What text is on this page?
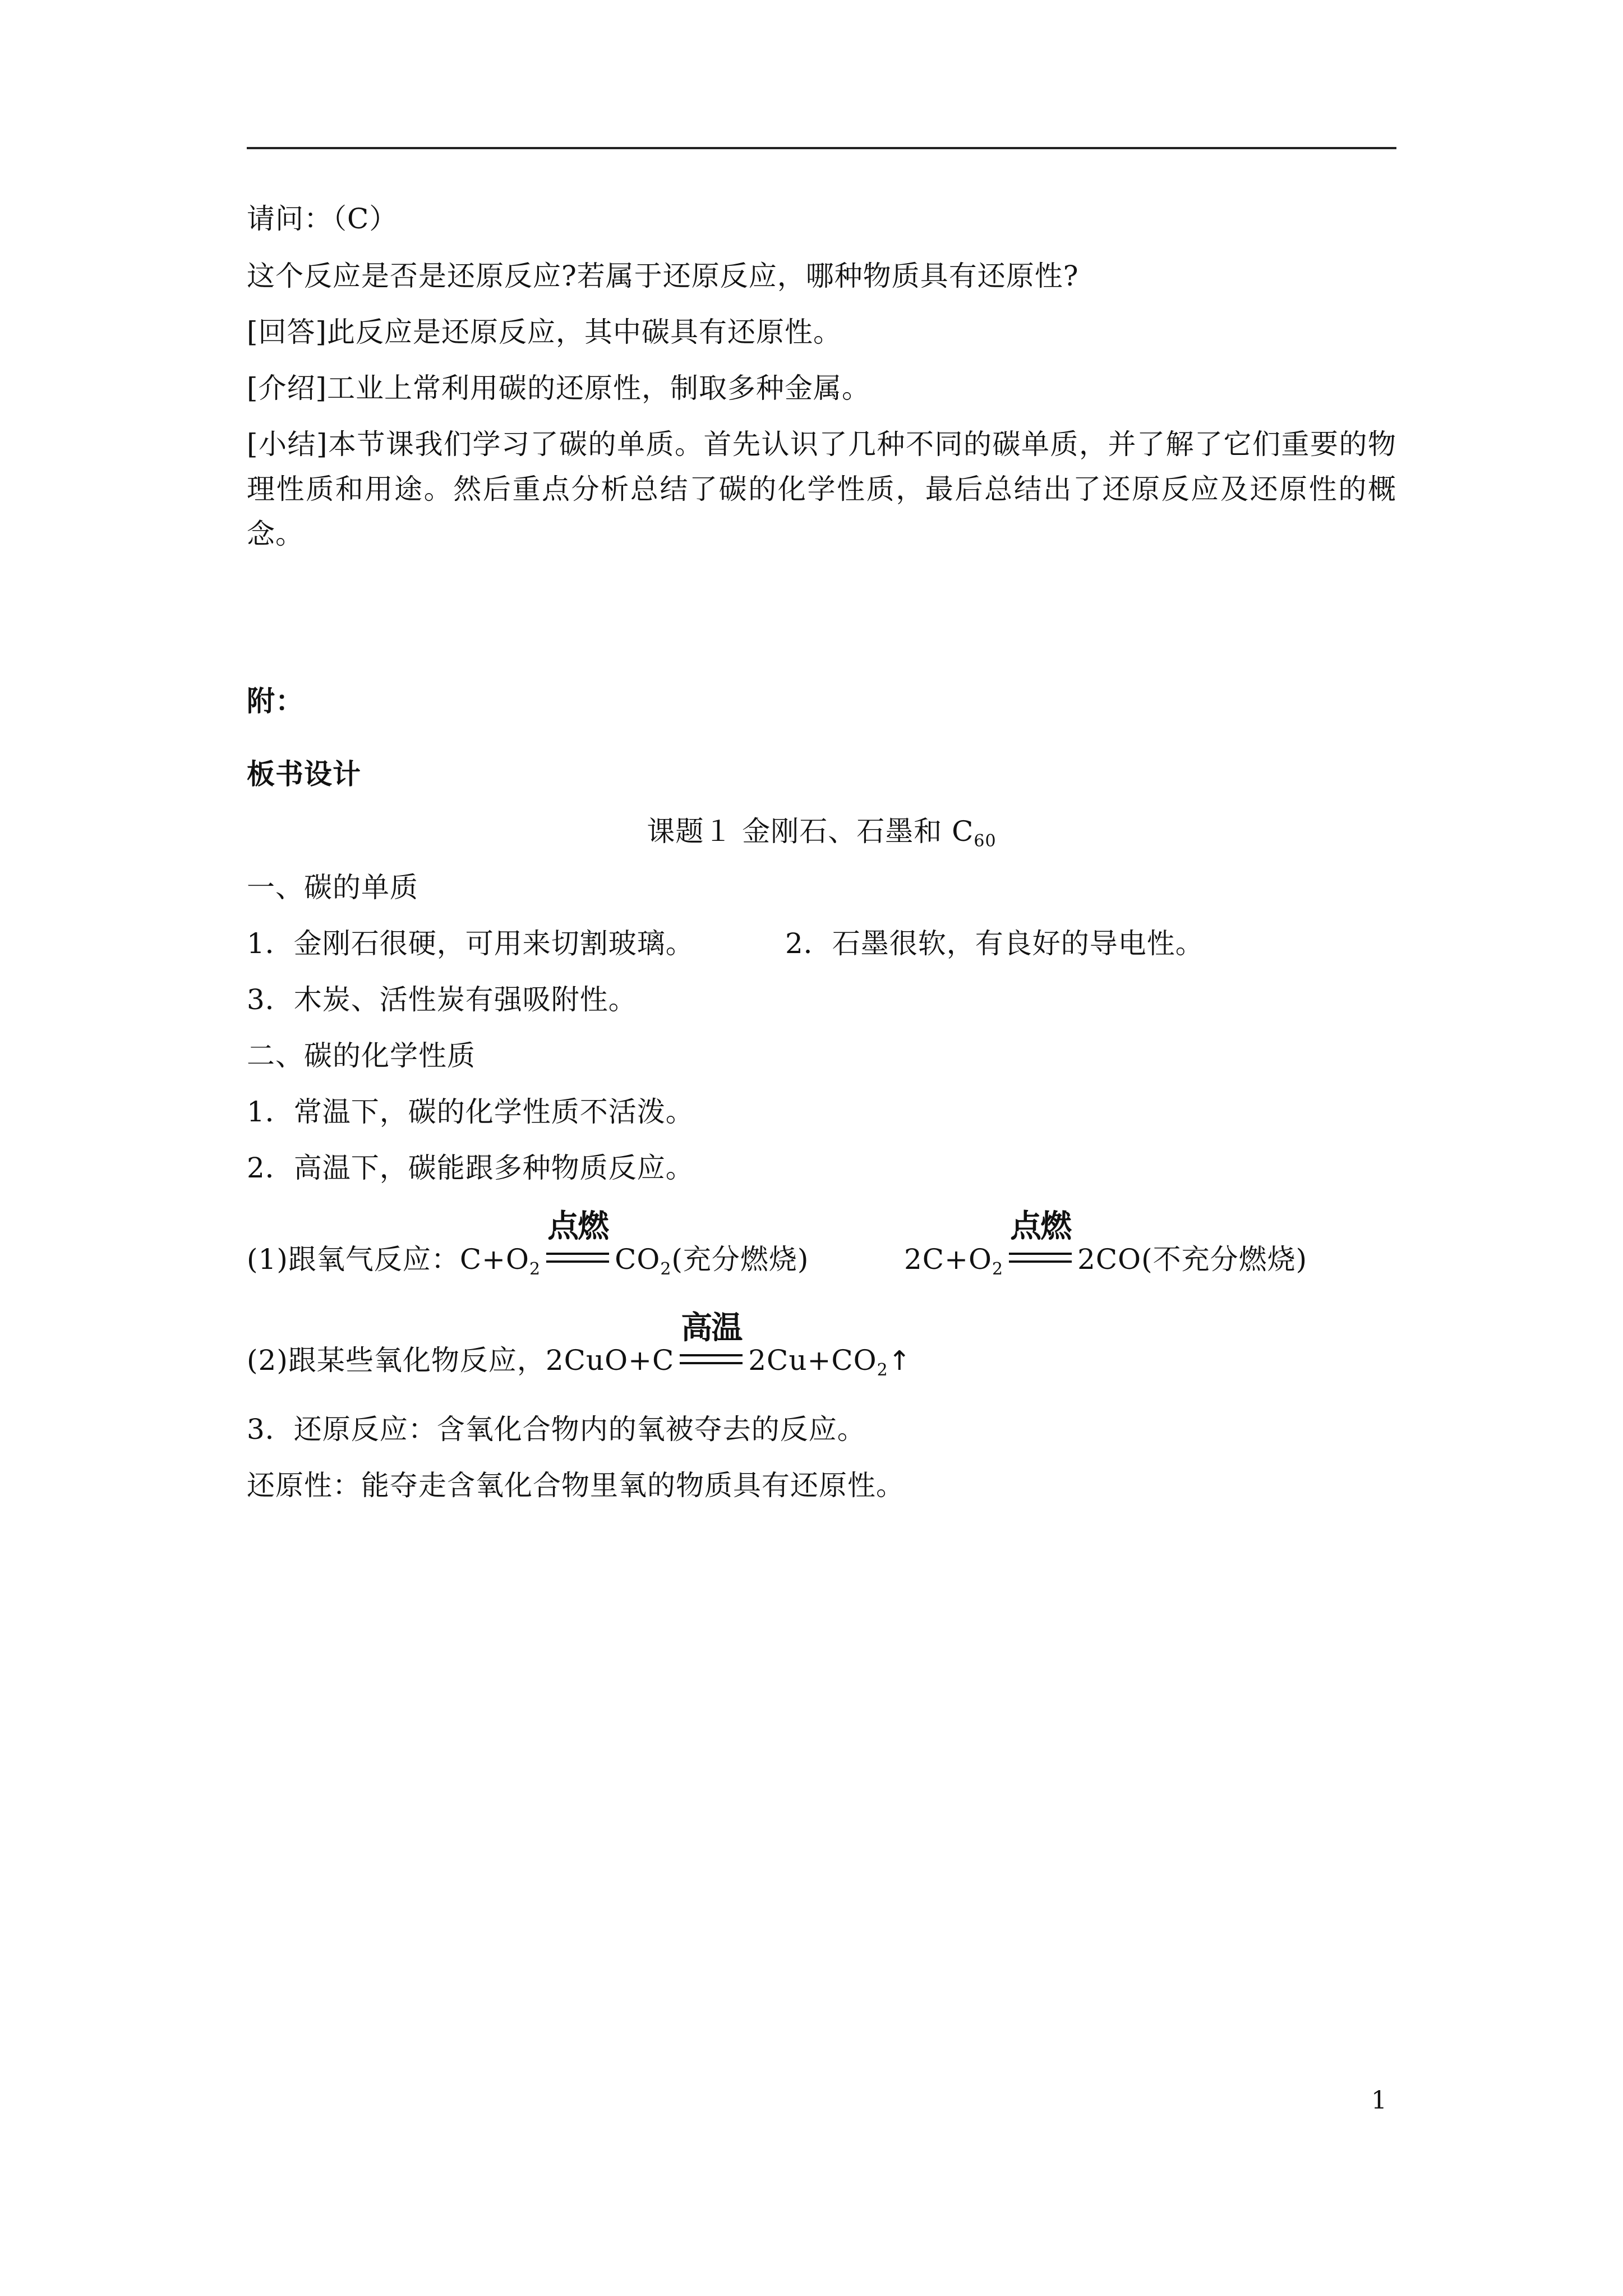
请问：（C）
这个反应是否是还原反应?若属于还原反应，哪种物质具有还原性?
[回答]此反应是还原反应，其中碳具有还原性。
[介绍]工业上常利用碳的还原性，制取多种金属。
[小结]本节课我们学习了碳的单质。首先认识了几种不同的碳单质，并了解了它们重要的物理性质和用途。然后重点分析总结了碳的化学性质，最后总结出了还原反应及还原性的概念。
附：
板书设计
课题１ 金刚石、石墨和 $C_{60}$
一、碳的单质
1．金刚石很硬，可用来切割玻璃。	2．石墨很软，有良好的导电性。
3．木炭、活性炭有强吸附性。
二、碳的化学性质
1．常温下，碳的化学性质不活泼。
2．高温下，碳能跟多种物质反应。
(1)跟氧气反应：$C+O_2$
点燃
$CO_2$(充分燃烧)	$2C+O_2$
点燃
2CO(不充分燃烧)
(2)跟某些氧化物反应，2CuO+C
高温
$2Cu+CO_2↑$
3．还原反应：含氧化合物内的氧被夺去的反应。
还原性：能夺走含氧化合物里氧的物质具有还原性。
1
